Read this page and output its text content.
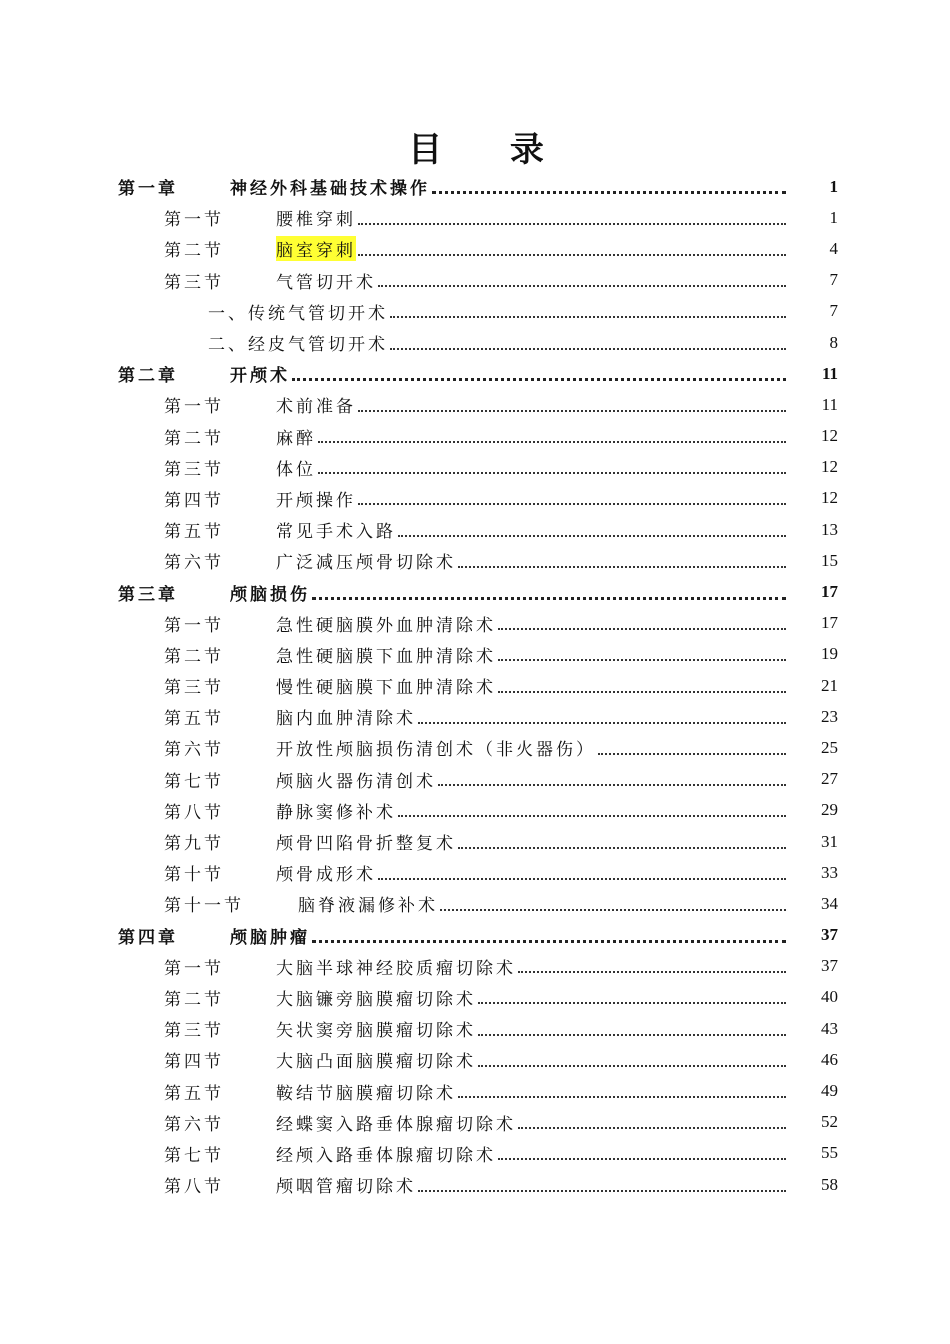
目 录
第一章	神经外科基础技术操作	1
第一节	腰椎穿刺	1
第二节	脑室穿刺	4
第三节	气管切开术	7
一、传统气管切开术	7
二、经皮气管切开术	8
第二章	开颅术	11
第一节	术前准备	11
第二节	麻醉	12
第三节	体位	12
第四节	开颅操作	12
第五节	常见手术入路	13
第六节	广泛减压颅骨切除术	15
第三章	颅脑损伤	17
第一节	急性硬脑膜外血肿清除术	17
第二节	急性硬脑膜下血肿清除术	19
第三节	慢性硬脑膜下血肿清除术	21
第五节	脑内血肿清除术	23
第六节	开放性颅脑损伤清创术（非火器伤）	25
第七节	颅脑火器伤清创术	27
第八节	静脉窦修补术	29
第九节	颅骨凹陷骨折整复术	31
第十节	颅骨成形术	33
第十一节	脑脊液漏修补术	34
第四章	颅脑肿瘤	37
第一节	大脑半球神经胶质瘤切除术	37
第二节	大脑镰旁脑膜瘤切除术	40
第三节	矢状窦旁脑膜瘤切除术	43
第四节	大脑凸面脑膜瘤切除术	46
第五节	鞍结节脑膜瘤切除术	49
第六节	经蝶窦入路垂体腺瘤切除术	52
第七节	经颅入路垂体腺瘤切除术	55
第八节	颅咽管瘤切除术	58
